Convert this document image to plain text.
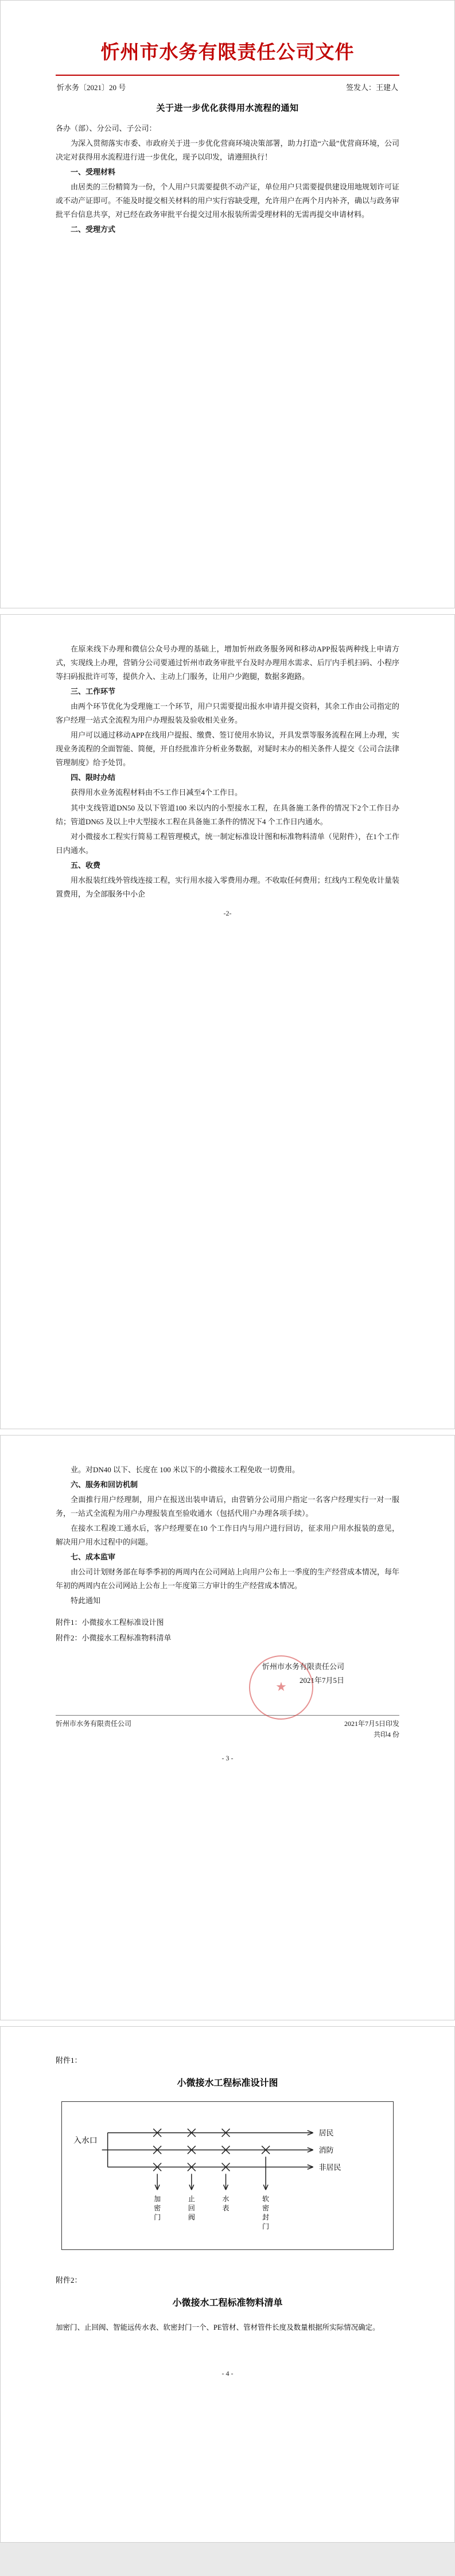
忻州市水务有限责任公司文件
忻水务〔2021〕20 号	签发人：王建人
关于进一步优化获得用水流程的通知

各办（部）、分公司、子公司：

为深入贯彻落实市委、市政府关于进一步优化营商环境决策部署，助力打造“六最”优营商环境，公司决定对获得用水流程进行进一步优化，现予以印发，请遵照执行！

一、受理材料

由居类的三份精简为一份，个人用户只需要提供不动产证，单位用户只需要提供建设用地规划许可证或不动产证即可。不能及时提交相关材料的用户实行容缺受理，允许用户在两个月内补齐，确以与政务审批平台信息共享，对已经在政务审批平台提交过用水报装所需受理材料的无需再提交申请材料。

二、受理方式

在原来线下办理和微信公众号办理的基础上，增加忻州政务服务网和移动APP报装两种线上申请方式，实现线上办理，营销分公司要通过忻州市政务审批平台及时办理用水需求、后厅内手机扫码、小程序等扫码报批许可等，提供介入、主动上门服务，让用户少跑腿，数据多跑路。

三、工作环节

由两个环节优化为受理施工一个环节，用户只需要提出报水申请并提交资料，其余工作由公司指定的客户经理一站式全流程为用户办理报装及验收相关业务。

用户可以通过移动APP在线用户提报、缴费、签订使用水协议，开具发票等服务流程在网上办理，实现业务流程的全面智能、简便，开自经批准许分析业务数据，对疑时末办的相关条件人提交《公司合法律管理制度》给予处罚。

四、限时办结

获得用水业务流程材料由不5工作日减至4个工作日。

其中支线管道DN50 及以下管道100 米以内的小型接水工程，在具备施工条件的情况下2个工作日办结；管道DN65 及以上中大型接水工程在具备施工条件的情况下4 个工作日内通水。

对小微接水工程实行简易工程管理模式，统一制定标准设计图和标准物料清单（见附件），在1个工作日内通水。

五、收费

用水报装红线外管线连接工程，实行用水接入零费用办理。不收取任何费用；红线内工程免收计量装置费用，为全部服务中小企

-2-

业。对DN40 以下、长度在 100 米以下的小微接水工程免收一切费用。

六、服务和回访机制

全面推行用户经理制，用户在报送出装申请后，由营销分公司用户指定一名客户经理实行一对一服务，一站式全流程为用户办理报装直至验收通水（包括代用户办理各项手续）。

在接水工程竣工通水后，客户经理要在10 个工作日内与用户进行回访，征求用户用水报装的意见，解决用户用水过程中的问题。

七、成本监审

由公司计划财务部在每季季初的两周内在公司网站上向用户公布上一季度的生产经营成本情况，每年年初的两周内在公司网站上公布上一年度第三方审计的生产经营成本情况。

特此通知

附件1：小微接水工程标准设计图

附件2：小微接水工程标准物料清单

忻州市水务有限责任公司
2021年7月5日
★
忻州市水务有限责任公司	2021年7月5日印发
共印4 份
- 3 -
附件1：
小微接水工程标准设计图
入水口
居民
消防
非居民
加
密
门
止
回
阀
水
表
软
密
封
门
附件2：
小微接水工程标准物料清单

加密门、止回阀、智能远传水表、软密封门一个、PE管材、管材管件长度及数量根据所实际情况确定。

- 4 -
